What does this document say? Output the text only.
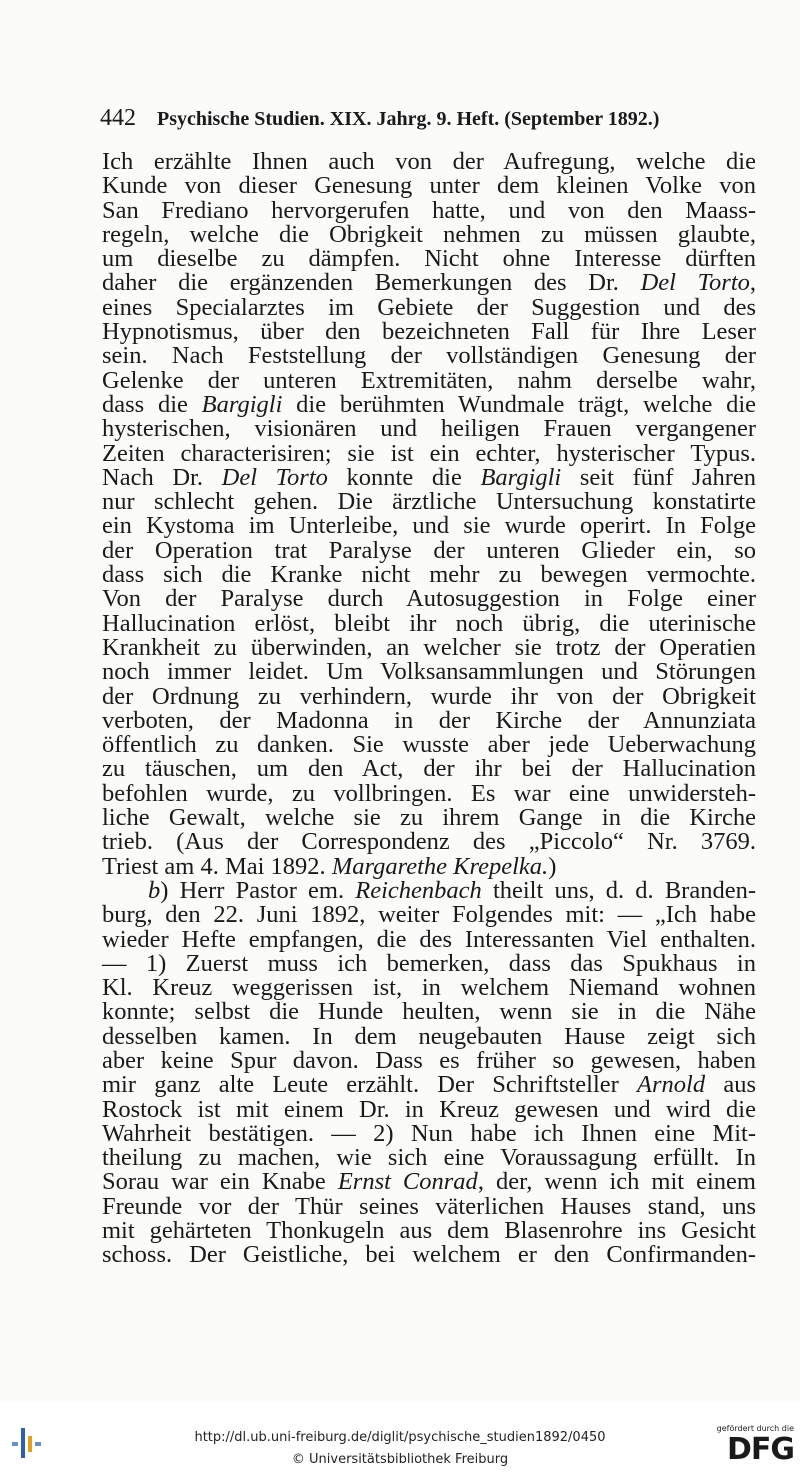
442 Psychische Studien. XIX. Jahrg. 9. Heft. (September 1892.)
Ich erzählte Ihnen auch von der Aufregung, welche die
Kunde von dieser Genesung unter dem kleinen Volke von
San Frediano hervorgerufen hatte, und von den Maass-
regeln, welche die Obrigkeit nehmen zu müssen glaubte,
um dieselbe zu dämpfen. Nicht ohne Interesse dürften
daher die ergänzenden Bemerkungen des Dr. Del Torto,
eines Specialarztes im Gebiete der Suggestion und des
Hypnotismus, über den bezeichneten Fall für Ihre Leser
sein. Nach Feststellung der vollständigen Genesung der
Gelenke der unteren Extremitäten, nahm derselbe wahr,
dass die Bargigli die berühmten Wundmale trägt, welche die
hysterischen, visionären und heiligen Frauen vergangener
Zeiten characterisiren; sie ist ein echter, hysterischer Typus.
Nach Dr. Del Torto konnte die Bargigli seit fünf Jahren
nur schlecht gehen. Die ärztliche Untersuchung konstatirte
ein Kystoma im Unterleibe, und sie wurde operirt. In Folge
der Operation trat Paralyse der unteren Glieder ein, so
dass sich die Kranke nicht mehr zu bewegen vermochte.
Von der Paralyse durch Autosuggestion in Folge einer
Hallucination erlöst, bleibt ihr noch übrig, die uterinische
Krankheit zu überwinden, an welcher sie trotz der Operatien
noch immer leidet. Um Volksansammlungen und Störungen
der Ordnung zu verhindern, wurde ihr von der Obrigkeit
verboten, der Madonna in der Kirche der Annunziata
öffentlich zu danken. Sie wusste aber jede Ueberwachung
zu täuschen, um den Act, der ihr bei der Hallucination
befohlen wurde, zu vollbringen. Es war eine unwidersteh-
liche Gewalt, welche sie zu ihrem Gange in die Kirche
trieb. (Aus der Correspondenz des „Piccolo“ Nr. 3769.
Triest am 4. Mai 1892. Margarethe Krepelka.)
b) Herr Pastor em. Reichenbach theilt uns, d. d. Branden-
burg, den 22. Juni 1892, weiter Folgendes mit: — „Ich habe
wieder Hefte empfangen, die des Interessanten Viel enthalten.
— 1) Zuerst muss ich bemerken, dass das Spukhaus in
Kl. Kreuz weggerissen ist, in welchem Niemand wohnen
konnte; selbst die Hunde heulten, wenn sie in die Nähe
desselben kamen. In dem neugebauten Hause zeigt sich
aber keine Spur davon. Dass es früher so gewesen, haben
mir ganz alte Leute erzählt. Der Schriftsteller Arnold aus
Rostock ist mit einem Dr. in Kreuz gewesen und wird die
Wahrheit bestätigen. — 2) Nun habe ich Ihnen eine Mit-
theilung zu machen, wie sich eine Voraussagung erfüllt. In
Sorau war ein Knabe Ernst Conrad, der, wenn ich mit einem
Freunde vor der Thür seines väterlichen Hauses stand, uns
mit gehärteten Thonkugeln aus dem Blasenrohre ins Gesicht
schoss. Der Geistliche, bei welchem er den Confirmanden-
http://dl.ub.uni-freiburg.de/diglit/psychische_studien1892/0450
© Universitätsbibliothek Freiburg
gefördert durch die
DFG
